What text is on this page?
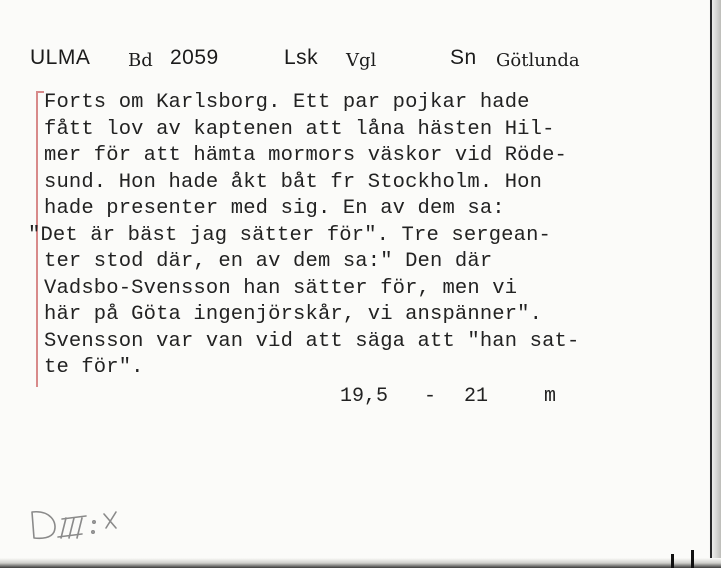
ULMA Bd 2059	Lsk Vgl	Sn Götlunda
Forts om Karlsborg. Ett par pojkar hade
fått lov av kaptenen att låna hästen Hil-
mer för att hämta mormors väskor vid Röde-
sund. Hon hade åkt båt fr Stockholm. Hon
hade presenter med sig. En av dem sa:
"Det är bäst jag sätter för". Tre sergean-
ter stod där, en av dem sa:" Den där
Vadsbo-Svensson han sätter för, men vi
här på Göta ingenjörskår, vi anspänner".
Svensson var van vid att säga att "han sat-
te för".
19,5 - 21	m
